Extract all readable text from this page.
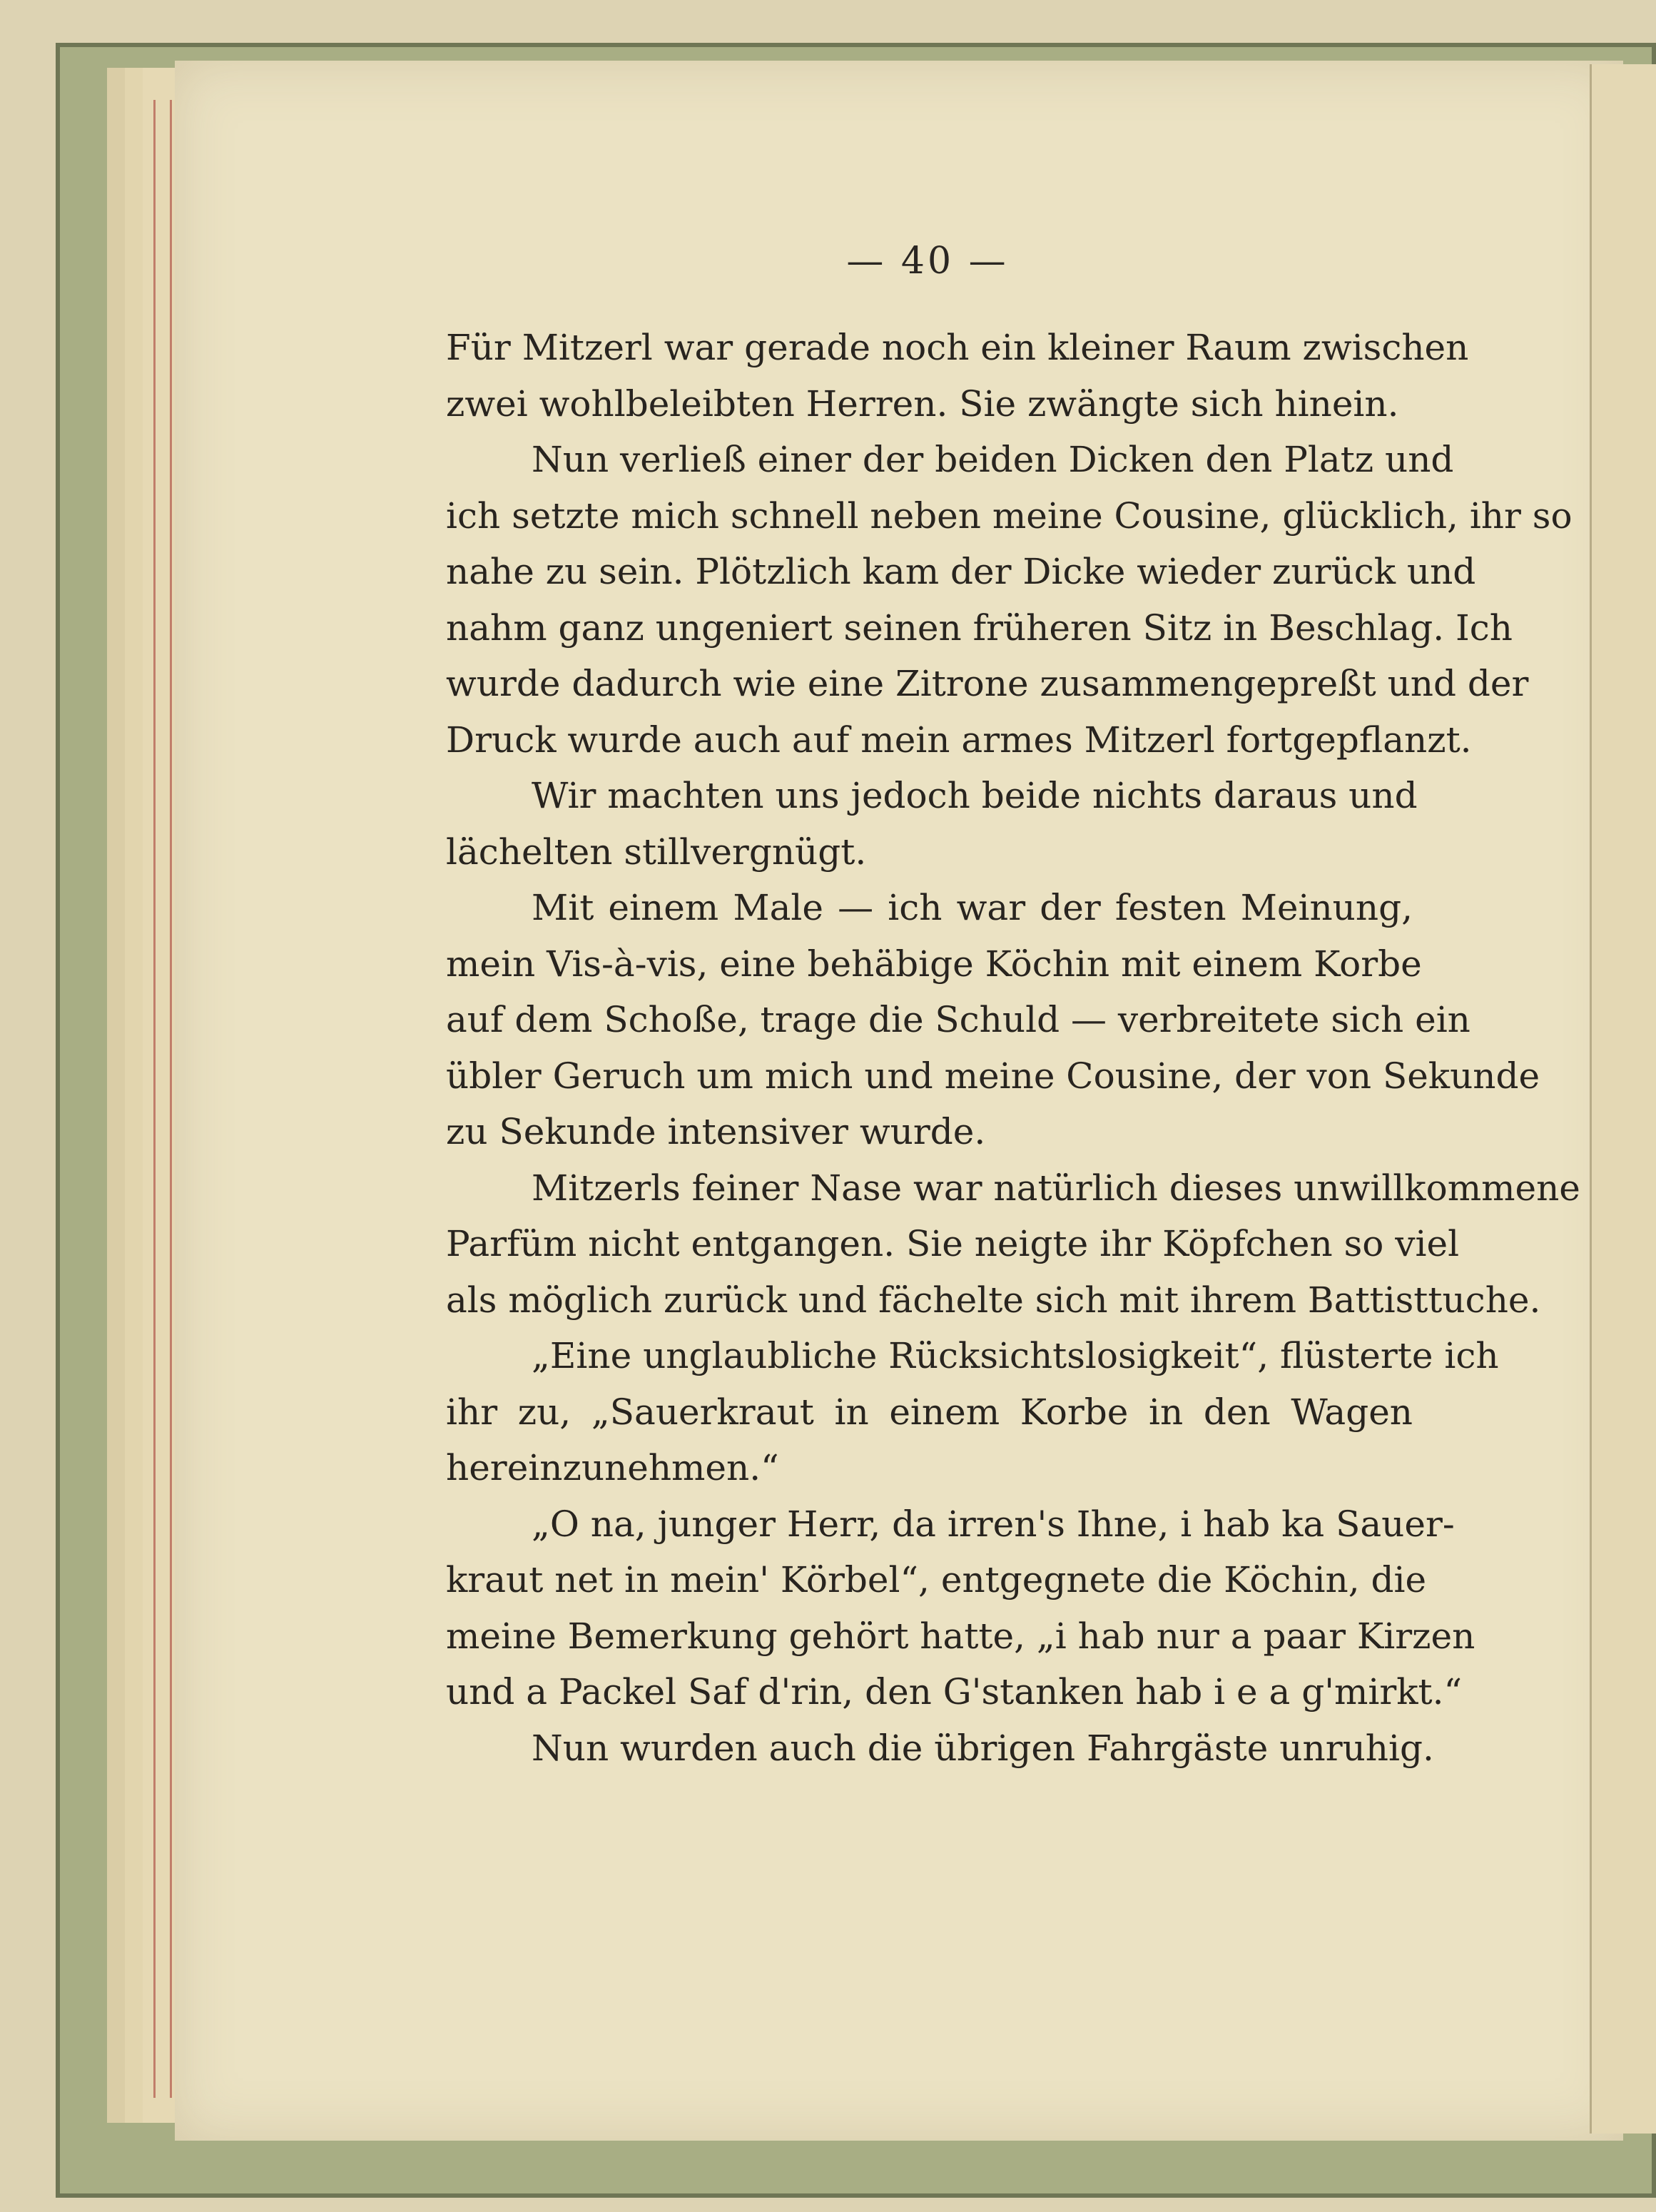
— 40 —
Für Mitzerl war gerade noch ein kleiner Raum zwischen
zwei wohlbeleibten Herren. Sie zwängte sich hinein.
Nun verließ einer der beiden Dicken den Platz und
ich setzte mich schnell neben meine Cousine, glücklich, ihr so
nahe zu sein. Plötzlich kam der Dicke wieder zurück und
nahm ganz ungeniert seinen früheren Sitz in Beschlag. Ich
wurde dadurch wie eine Zitrone zusammengepreßt und der
Druck wurde auch auf mein armes Mitzerl fortgepflanzt.
Wir machten uns jedoch beide nichts daraus und
lächelten stillvergnügt.
Mit einem Male — ich war der festen Meinung,
mein Vis-à-vis, eine behäbige Köchin mit einem Korbe
auf dem Schoße, trage die Schuld — verbreitete sich ein
übler Geruch um mich und meine Cousine, der von Sekunde
zu Sekunde intensiver wurde.
Mitzerls feiner Nase war natürlich dieses unwillkommene
Parfüm nicht entgangen. Sie neigte ihr Köpfchen so viel
als möglich zurück und fächelte sich mit ihrem Battisttuche.
„Eine unglaubliche Rücksichtslosigkeit“, flüsterte ich
ihr zu, „Sauerkraut in einem Korbe in den Wagen
hereinzunehmen.“
„O na, junger Herr, da irren's Ihne, i hab ka Sauer-
kraut net in mein' Körbel“, entgegnete die Köchin, die
meine Bemerkung gehört hatte, „i hab nur a paar Kirzen
und a Packel Saf d'rin, den G'stanken hab i e a g'mirkt.“
Nun wurden auch die übrigen Fahrgäste unruhig.
